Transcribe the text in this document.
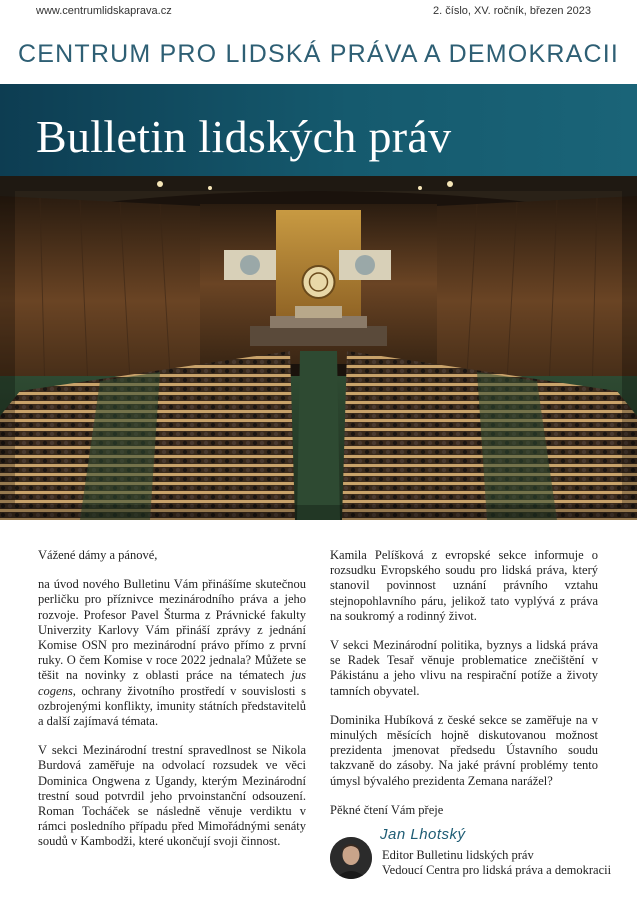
www.centrumlidskaprava.cz	2. číslo, XV. ročník, březen 2023
CENTRUM PRO LIDSKÁ PRÁVA A DEMOKRACII
Bulletin lidských práv

Vážené dámy a pánové,

na úvod nového Bulletinu Vám přinášíme skutečnou perličku pro příznivce mezinárodního práva a jeho rozvoje. Profesor Pavel Šturma z Právnické fakulty Univerzity Karlovy Vám přináší zprávy z jednání Komise OSN pro mezinárodní právo přímo z první ruky. O čem Komise v roce 2022 jednala? Můžete se těšit na novinky z oblasti práce na tématech jus cogens, ochrany životního prostředí v souvislosti s ozbrojenými konflikty, imunity státních představitelů a další zajímavá témata.

V sekci Mezinárodní trestní spravedlnost se Nikola Burdová zaměřuje na odvolací rozsudek ve věci Dominica Ongwena z Ugandy, kterým Mezinárodní trestní soud potvrdil jeho prvoinstanční odsouzení. Roman Tocháček se následně věnuje verdiktu v rámci posledního případu před Mimořádnými senáty soudů v Kambodži, které ukončují svoji činnost.

Kamila Pelíšková z evropské sekce informuje o rozsudku Evropského soudu pro lidská práva, který stanovil povinnost uznání právního vztahu stejnopohlavního páru, jelikož tato vyplývá z práva na soukromý a rodinný život.

V sekci Mezinárodní politika, byznys a lidská práva se Radek Tesař věnuje problematice znečištění v Pákistánu a jeho vlivu na respirační potíže a životy tamních obyvatel.

Dominika Hubíková z české sekce se zaměřuje na v minulých měsících hojně diskutovanou možnost prezidenta jmenovat předsedu Ústavního soudu takzvaně do zásoby. Na jaké právní problémy tento úmysl bývalého prezidenta Zemana narážel?

Pěkné čtení Vám přeje

Jan Lhotský
Editor Bulletinu lidských práv
Vedoucí Centra pro lidská práva a demokracii
